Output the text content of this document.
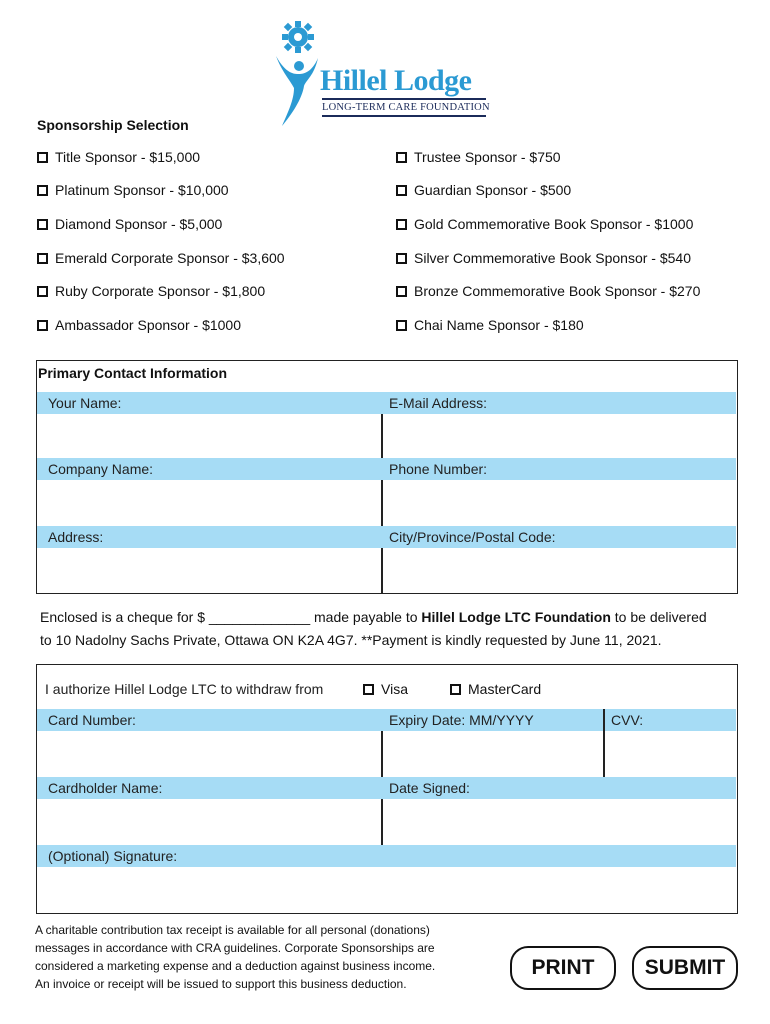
Hillel Lodge
LONG-TERM CARE FOUNDATION
Sponsorship Selection
Title Sponsor - $15,000
Platinum Sponsor - $10,000
Diamond Sponsor - $5,000
Emerald Corporate Sponsor - $3,600
Ruby Corporate Sponsor - $1,800
Ambassador Sponsor - $1000
Trustee Sponsor - $750
Guardian Sponsor - $500
Gold Commemorative Book Sponsor - $1000
Silver Commemorative Book Sponsor - $540
Bronze Commemorative Book Sponsor - $270
Chai Name Sponsor - $180
Primary Contact Information
Your Name:	E-Mail Address:
Company Name:	Phone Number:
Address:	City/Province/Postal Code:
Enclosed is a cheque for $ _____________ made payable to Hillel Lodge LTC Foundation to be delivered
to 10 Nadolny Sachs Private, Ottawa ON K2A 4G7. **Payment is kindly requested by June 11, 2021.
I authorize Hillel Lodge LTC to withdraw from	Visa	MasterCard
Card Number:	Expiry Date: MM/YYYY	CVV:
Cardholder Name:	Date Signed:
(Optional) Signature:
A charitable contribution tax receipt is available for all personal (donations)
messages in accordance with CRA guidelines. Corporate Sponsorships are
considered a marketing expense and a deduction against business income.
An invoice or receipt will be issued to support this business deduction.
PRINT	SUBMIT
